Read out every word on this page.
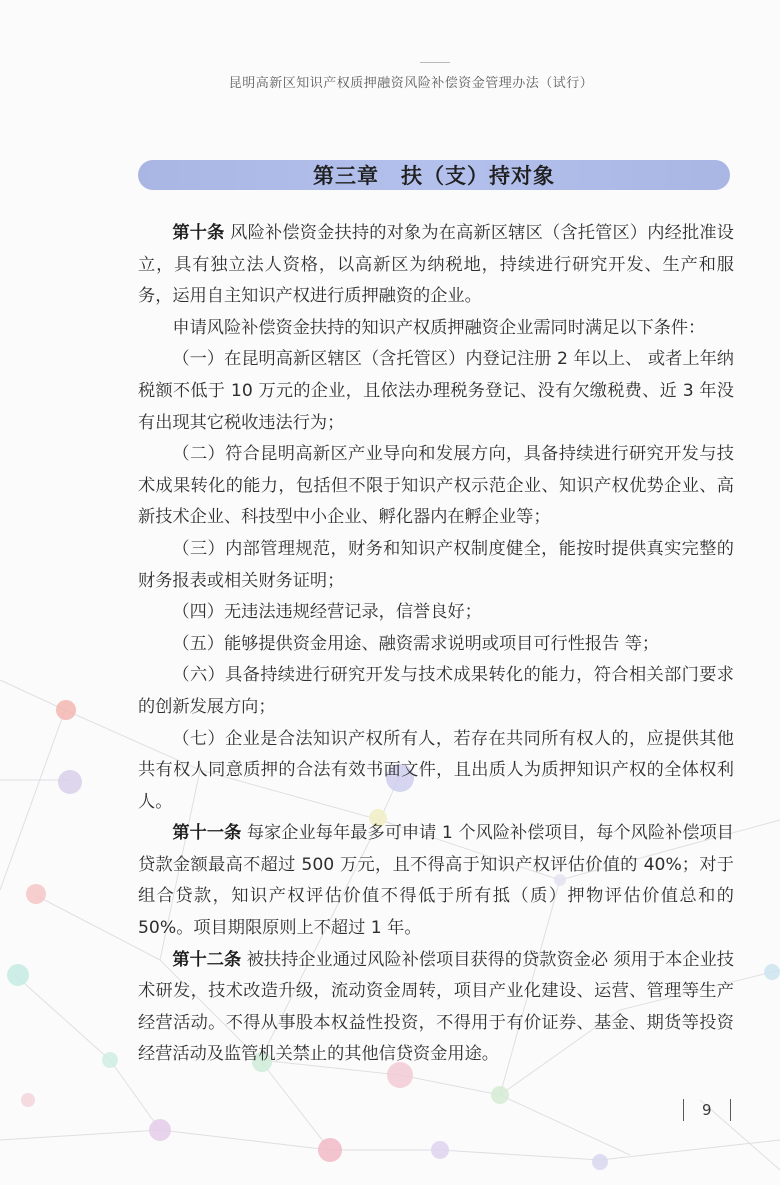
昆明高新区知识产权质押融资风险补偿资金管理办法（试行）
第三章　扶（支）持对象

第十条 风险补偿资金扶持的对象为在高新区辖区（含托管区）内经批准设立，具有独立法人资格，以高新区为纳税地，持续进行研究开发、生产和服务，运用自主知识产权进行质押融资的企业。

申请风险补偿资金扶持的知识产权质押融资企业需同时满足以下条件：

（一）在昆明高新区辖区（含托管区）内登记注册 2 年以上、 或者上年纳税额不低于 10 万元的企业，且依法办理税务登记、没有欠缴税费、近 3 年没有出现其它税收违法行为；

（二）符合昆明高新区产业导向和发展方向，具备持续进行研究开发与技术成果转化的能力，包括但不限于知识产权示范企业、知识产权优势企业、高新技术企业、科技型中小企业、孵化器内在孵企业等；

（三）内部管理规范，财务和知识产权制度健全，能按时提供真实完整的财务报表或相关财务证明；

（四）无违法违规经营记录，信誉良好；

（五）能够提供资金用途、融资需求说明或项目可行性报告 等；

（六）具备持续进行研究开发与技术成果转化的能力，符合相关部门要求的创新发展方向；

（七）企业是合法知识产权所有人，若存在共同所有权人的，应提供其他共有权人同意质押的合法有效书面文件，且出质人为质押知识产权的全体权利人。

第十一条 每家企业每年最多可申请 1 个风险补偿项目，每个风险补偿项目贷款金额最高不超过 500 万元，且不得高于知识产权评估价值的 40%；对于组合贷款，知识产权评估价值不得低于所有抵（质）押物评估价值总和的 50%。项目期限原则上不超过 1 年。

第十二条 被扶持企业通过风险补偿项目获得的贷款资金必 须用于本企业技术研发，技术改造升级，流动资金周转，项目产业化建设、运营、管理等生产经营活动。不得从事股本权益性投资，不得用于有价证券、基金、期货等投资经营活动及监管机关禁止的其他信贷资金用途。

9
